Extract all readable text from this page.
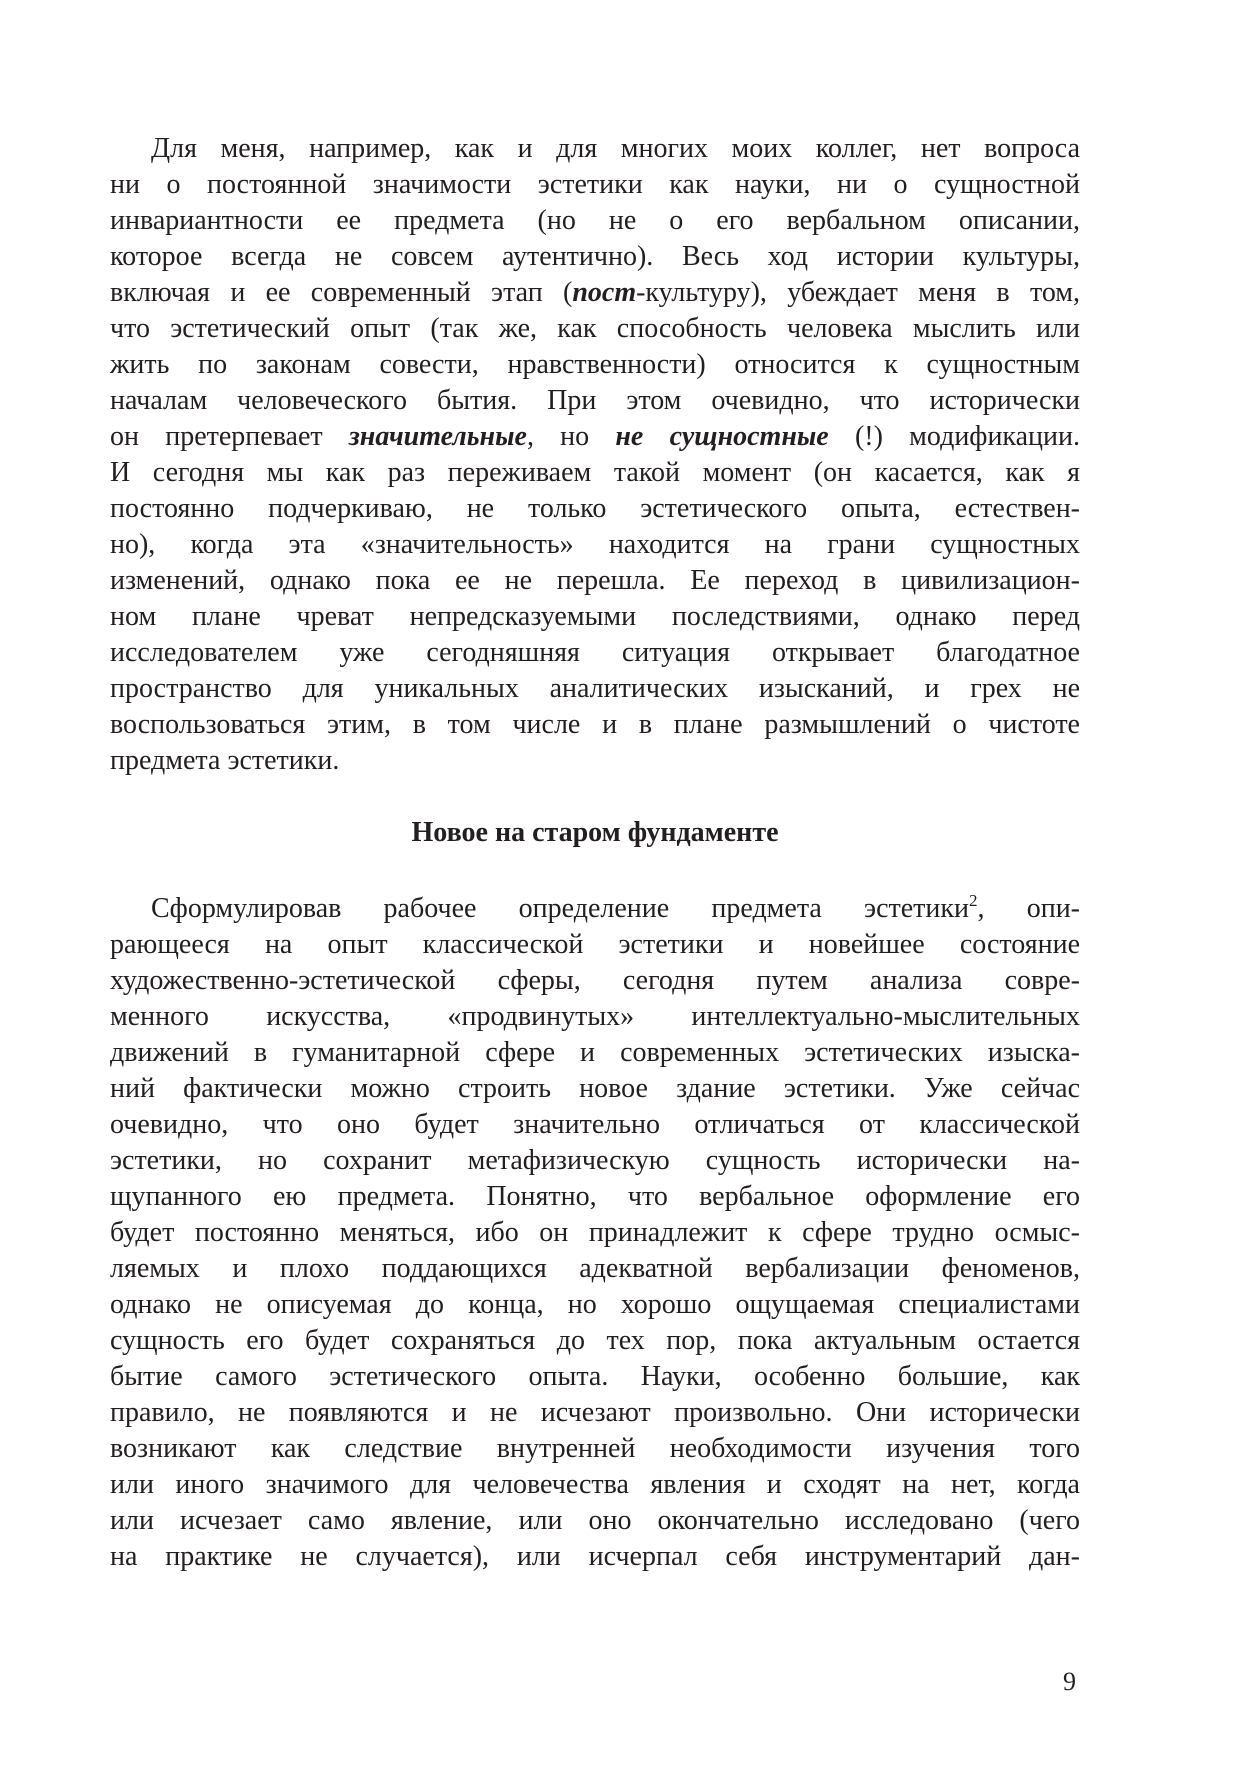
Для меня, например, как и для многих моих коллег, нет вопроса
ни о постоянной значимости эстетики как науки, ни о сущностной
инвариантности ее предмета (но не о его вербальном описании,
которое всегда не совсем аутентично). Весь ход истории культуры,
включая и ее современный этап (пост-культуру), убеждает меня в том,
что эстетический опыт (так же, как способность человека мыслить или
жить по законам совести, нравственности) относится к сущностным
началам человеческого бытия. При этом очевидно, что исторически
он претерпевает значительные, но не сущностные (!) модификации.
И сегодня мы как раз переживаем такой момент (он касается, как я
постоянно подчеркиваю, не только эстетического опыта, естествен-
но), когда эта «значительность» находится на грани сущностных
изменений, однако пока ее не перешла. Ее переход в цивилизацион-
ном плане чреват непредсказуемыми последствиями, однако перед
исследователем уже сегодняшняя ситуация открывает благодатное
пространство для уникальных аналитических изысканий, и грех не
воспользоваться этим, в том числе и в плане размышлений о чистоте
предмета эстетики.
Новое на старом фундаменте
Сформулировав рабочее определение предмета эстетики$^2$, опи-
рающееся на опыт классической эстетики и новейшее состояние
художественно-эстетической сферы, сегодня путем анализа совре-
менного искусства, «продвинутых» интеллектуально-мыслительных
движений в гуманитарной сфере и современных эстетических изыска-
ний фактически можно строить новое здание эстетики. Уже сейчас
очевидно, что оно будет значительно отличаться от классической
эстетики, но сохранит метафизическую сущность исторически на-
щупанного ею предмета. Понятно, что вербальное оформление его
будет постоянно меняться, ибо он принадлежит к сфере трудно осмыс-
ляемых и плохо поддающихся адекватной вербализации феноменов,
однако не описуемая до конца, но хорошо ощущаемая специалистами
сущность его будет сохраняться до тех пор, пока актуальным остается
бытие самого эстетического опыта. Науки, особенно большие, как
правило, не появляются и не исчезают произвольно. Они исторически
возникают как следствие внутренней необходимости изучения того
или иного значимого для человечества явления и сходят на нет, когда
или исчезает само явление, или оно окончательно исследовано (чего
на практике не случается), или исчерпал себя инструментарий дан-
9
